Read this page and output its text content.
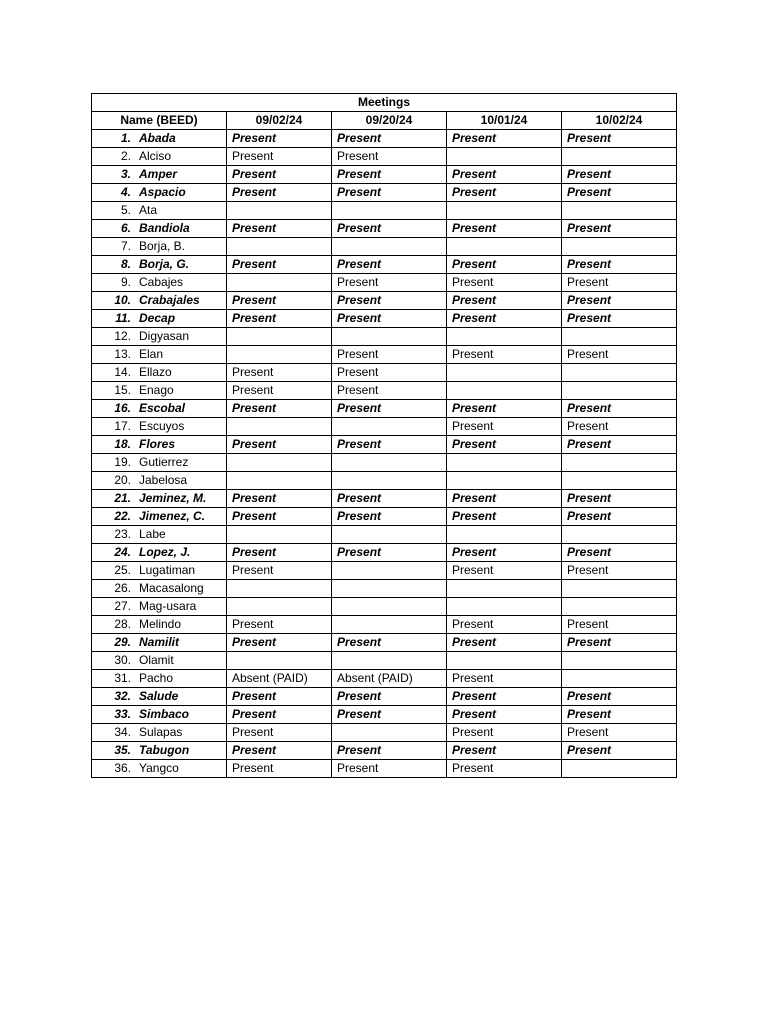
Meetings				
Name (BEED)	09/02/24	09/20/24	10/01/24	10/02/24
1. Abada	Present	Present	Present	Present
2. Alciso	Present	Present		
3. Amper	Present	Present	Present	Present
4. Aspacio	Present	Present	Present	Present
5. Ata				
6. Bandiola	Present	Present	Present	Present
7. Borja, B.				
8. Borja, G.	Present	Present	Present	Present
9. Cabajes		Present	Present	Present
10. Crabajales	Present	Present	Present	Present
11. Decap	Present	Present	Present	Present
12. Digyasan				
13. Elan		Present	Present	Present
14. Ellazo	Present	Present		
15. Enago	Present	Present		
16. Escobal	Present	Present	Present	Present
17. Escuyos			Present	Present
18. Flores	Present	Present	Present	Present
19. Gutierrez				
20. Jabelosa				
21. Jeminez, M.	Present	Present	Present	Present
22. Jimenez, C.	Present	Present	Present	Present
23. Labe				
24. Lopez, J.	Present	Present	Present	Present
25. Lugatiman	Present		Present	Present
26. Macasalong				
27. Mag-usara				
28. Melindo	Present		Present	Present
29. Namilit	Present	Present	Present	Present
30. Olamit				
31. Pacho	Absent (PAID)	Absent (PAID)	Present	
32. Salude	Present	Present	Present	Present
33. Simbaco	Present	Present	Present	Present
34. Sulapas	Present		Present	Present
35. Tabugon	Present	Present	Present	Present
36. Yangco	Present	Present	Present	
